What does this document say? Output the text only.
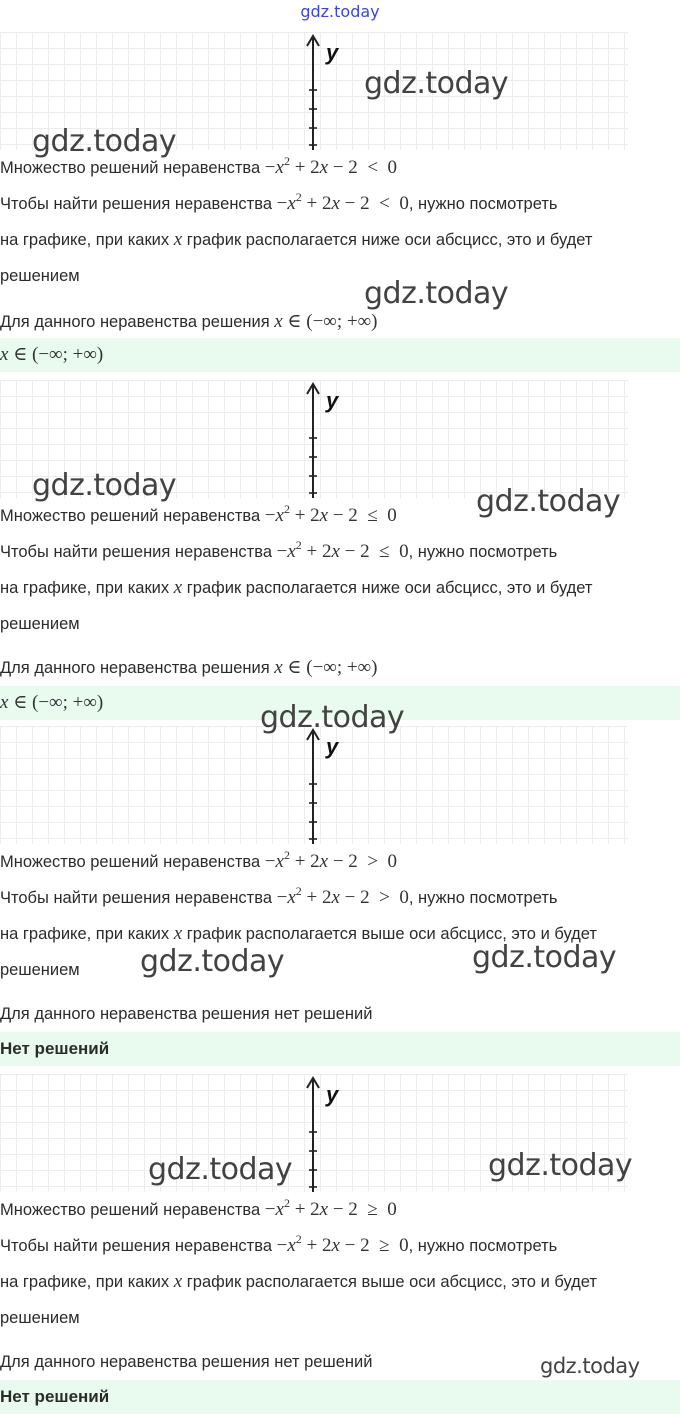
gdz.today
y
Множество решений неравенства $-x^2 + 2x - 2 < 0$
Чтобы найти решения неравенства $-x^2 + 2x - 2 < 0$, нужно посмотреть
на графике, при каких x график располагается ниже оси абсцисс, это и будет
решением
Для данного неравенства решения x ∈ (−∞; +∞)
x ∈ (−∞; +∞)
y
Множество решений неравенства $-x^2 + 2x - 2 \le 0$
Чтобы найти решения неравенства $-x^2 + 2x - 2 \le 0$, нужно посмотреть
на графике, при каких x график располагается ниже оси абсцисс, это и будет
решением
Для данного неравенства решения x ∈ (−∞; +∞)
x ∈ (−∞; +∞)
y
Множество решений неравенства $-x^2 + 2x - 2 > 0$
Чтобы найти решения неравенства $-x^2 + 2x - 2 > 0$, нужно посмотреть
на графике, при каких x график располагается выше оси абсцисс, это и будет
решением
Для данного неравенства решения нет решений
Нет решений
y
Множество решений неравенства $-x^2 + 2x - 2 \ge 0$
Чтобы найти решения неравенства $-x^2 + 2x - 2 \ge 0$, нужно посмотреть
на графике, при каких x график располагается выше оси абсцисс, это и будет
решением
Для данного неравенства решения нет решений
Нет решений
gdz.today
gdz.today
gdz.today
gdz.today	gdz.today
gdz.today
gdz.today	gdz.today
gdz.today	gdz.today
gdz.today
